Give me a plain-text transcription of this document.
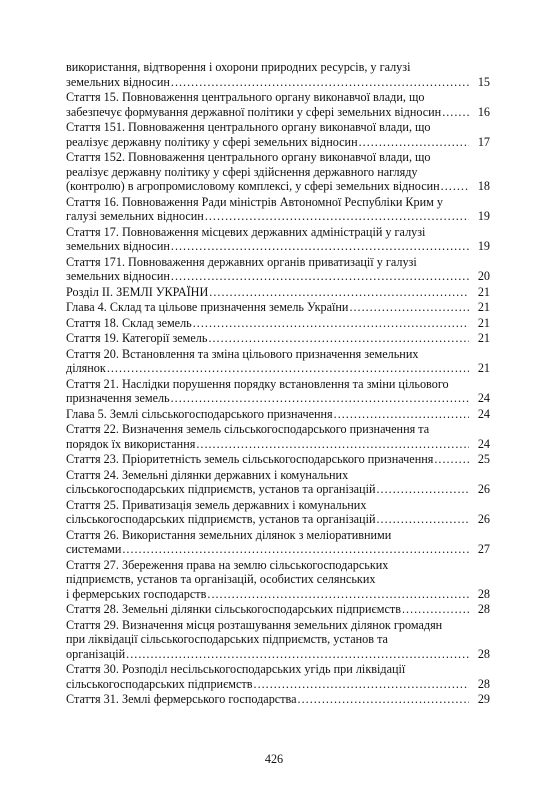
використання, відтворення і охорони природних ресурсів, у галузі
земельних відносин .....	15
Стаття 15. Повноваження центрального органу виконавчої влади, що
забезпечує формування державної політики у сфері земельних відносин .....	16
Стаття 151. Повноваження центрального органу виконавчої влади, що
реалізує державну політику у сфері земельних відносин .....	17
Стаття 152. Повноваження центрального органу виконавчої влади, що
реалізує державну політику у сфері здійснення державного нагляду
(контролю) в агропромисловому комплексі, у сфері земельних відносин .....	18
Стаття 16. Повноваження Ради міністрів Автономної Республіки Крим у
галузі земельних відносин .....	19
Стаття 17. Повноваження місцевих державних адміністрацій у галузі
земельних відносин .....	19
Стаття 171. Повноваження державних органів приватизації у галузі
земельних відносин .....	20
Розділ II. ЗЕМЛІ УКРАЇНИ .....	21
Глава 4. Склад та цільове призначення земель України .....	21
Стаття 18. Склад земель .....	21
Стаття 19. Категорії земель .....	21
Стаття 20. Встановлення та зміна цільового призначення земельних
ділянок .....	21
Стаття 21. Наслідки порушення порядку встановлення та зміни цільового
призначення земель .....	24
Глава 5. Землі сільськогосподарського призначення .....	24
Стаття 22. Визначення земель сільськогосподарського призначення та
порядок їх використання .....	24
Стаття 23. Пріоритетність земель сільськогосподарського призначення .....	25
Стаття 24. Земельні ділянки державних і комунальних
сільськогосподарських підприємств, установ та організацій .....	26
Стаття 25. Приватизація земель державних і комунальних
сільськогосподарських підприємств, установ та організацій .....	26
Стаття 26. Використання земельних ділянок з меліоративними
системами .....	27
Стаття 27. Збереження права на землю сільськогосподарських
підприємств, установ та організацій, особистих селянських
і фермерських господарств .....	28
Стаття 28. Земельні ділянки сільськогосподарських підприємств .....	28
Стаття 29. Визначення місця розташування земельних ділянок громадян
при ліквідації сільськогосподарських підприємств, установ та
організацій .....	28
Стаття 30. Розподіл несільськогосподарських угідь при ліквідації
сільськогосподарських підприємств .....	28
Стаття 31. Землі фермерського господарства .....	29
426
